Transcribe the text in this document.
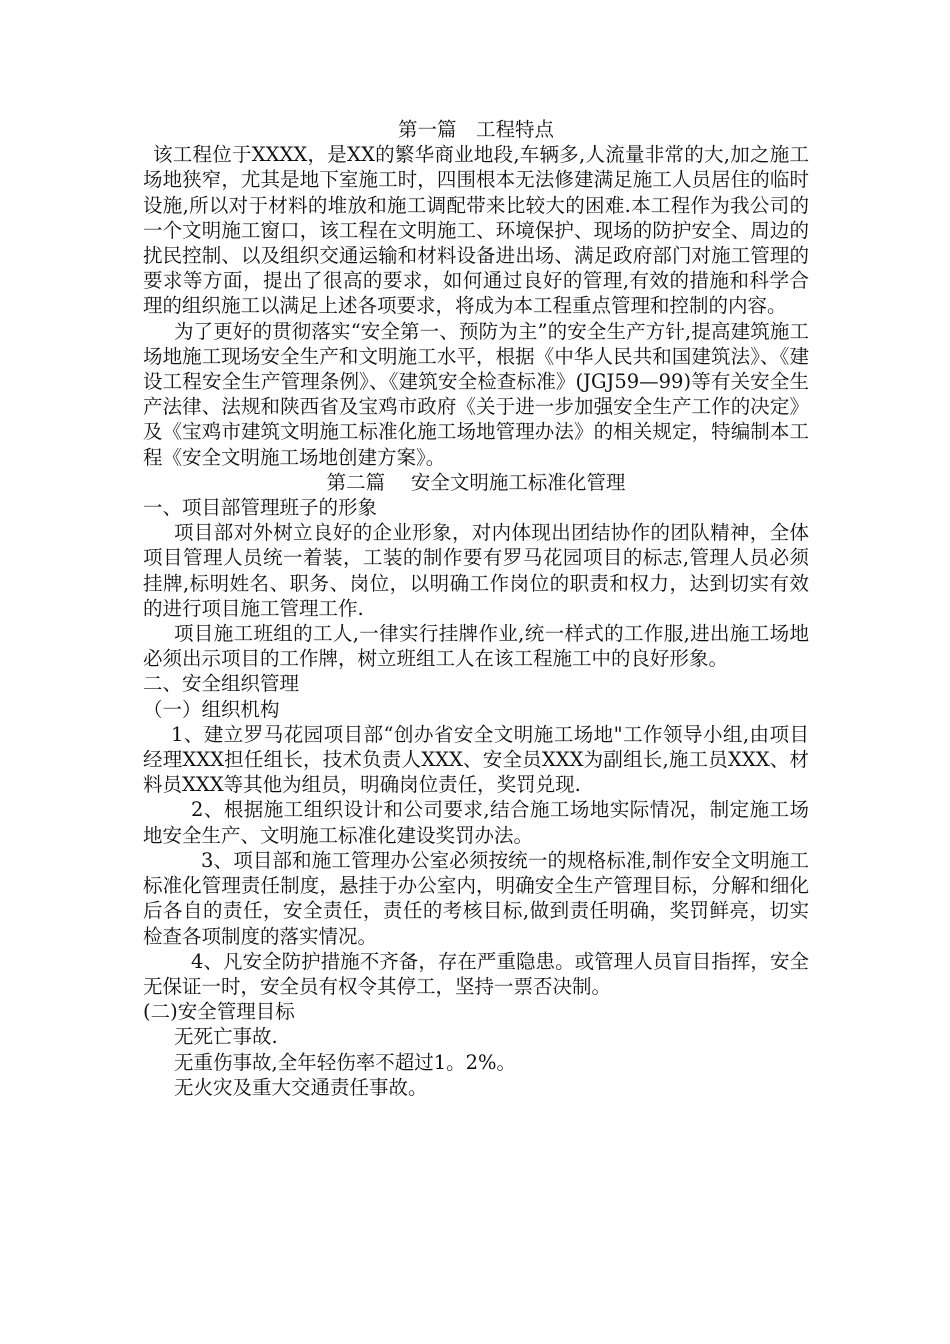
第一篇　工程特点

该工程位于XXXX，是XX的繁华商业地段,车辆多,人流量非常的大,加之施工场地狭窄，尤其是地下室施工时，四围根本无法修建满足施工人员居住的临时设施,所以对于材料的堆放和施工调配带来比较大的困难.本工程作为我公司的一个文明施工窗口，该工程在文明施工、环境保护、现场的防护安全、周边的扰民控制、以及组织交通运输和材料设备进出场、满足政府部门对施工管理的要求等方面，提出了很高的要求，如何通过良好的管理,有效的措施和科学合理的组织施工以满足上述各项要求，将成为本工程重点管理和控制的内容。

为了更好的贯彻落实“安全第一、预防为主”的安全生产方针,提高建筑施工场地施工现场安全生产和文明施工水平，根据《中华人民共和国建筑法》、《建设工程安全生产管理条例》、《建筑安全检查标准》(JGJ59—99)等有关安全生产法律、法规和陕西省及宝鸡市政府《关于进一步加强安全生产工作的决定》及《宝鸡市建筑文明施工标准化施工场地管理办法》的相关规定，特编制本工程《安全文明施工场地创建方案》。

第二篇　 安全文明施工标准化管理

一、项目部管理班子的形象

项目部对外树立良好的企业形象，对内体现出团结协作的团队精神，全体项目管理人员统一着装，工装的制作要有罗马花园项目的标志,管理人员必须挂牌,标明姓名、职务、岗位，以明确工作岗位的职责和权力，达到切实有效的进行项目施工管理工作.

项目施工班组的工人,一律实行挂牌作业,统一样式的工作服,进出施工场地必须出示项目的工作牌，树立班组工人在该工程施工中的良好形象。

二、安全组织管理

（一）组织机构

1、建立罗马花园项目部“创办省安全文明施工场地"工作领导小组,由项目经理XXX担任组长，技术负责人XXX、安全员XXX为副组长,施工员XXX、材料员XXX等其他为组员，明确岗位责任，奖罚兑现.

2、根据施工组织设计和公司要求,结合施工场地实际情况，制定施工场地安全生产、文明施工标准化建设奖罚办法。

3、项目部和施工管理办公室必须按统一的规格标准,制作安全文明施工标准化管理责任制度，悬挂于办公室内，明确安全生产管理目标，分解和细化后各自的责任，安全责任，责任的考核目标,做到责任明确，奖罚鲜亮，切实检查各项制度的落实情况。

4、凡安全防护措施不齐备，存在严重隐患。或管理人员盲目指挥，安全无保证一时，安全员有权令其停工，坚持一票否决制。

(二)安全管理目标

无死亡事故.

无重伤事故,全年轻伤率不超过1。2%。

无火灾及重大交通责任事故。
